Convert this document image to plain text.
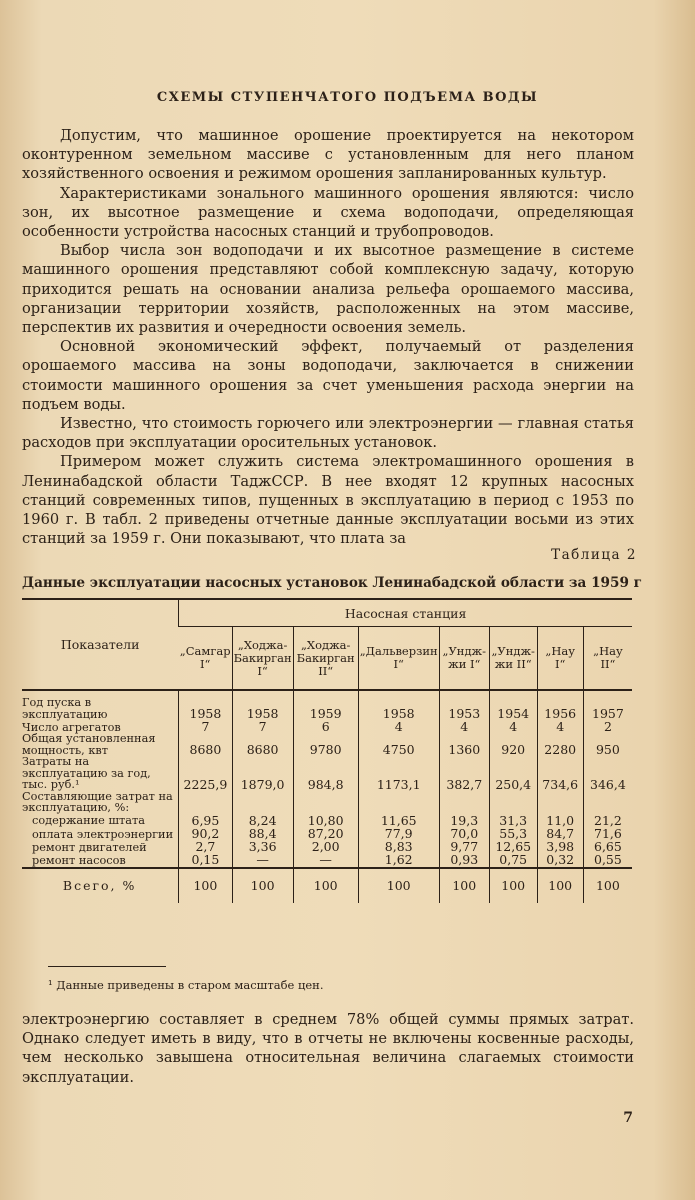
СХЕМЫ СТУПЕНЧАТОГО ПОДЪЕМА ВОДЫ

Допустим, что машинное орошение проектируется на некотором оконтуренном земельном массиве с установленным для него планом хозяйственного освоения и режимом орошения запланированных культур.

Характеристиками зонального машинного орошения являются: число зон, их высотное размещение и схема водоподачи, определяющая особенности устройства насосных станций и трубопроводов.

Выбор числа зон водоподачи и их высотное размещение в системе машинного орошения представляют собой комплексную задачу, которую приходится решать на основании анализа рельефа орошаемого массива, организации территории хозяйств, расположенных на этом массиве, перспектив их развития и очередности освоения земель.

Основной экономический эффект, получаемый от разделения орошаемого массива на зоны водоподачи, заключается в снижении стоимости машинного орошения за счет уменьшения расхода энергии на подъем воды.

Известно, что стоимость горючего или электроэнергии — главная статья расходов при эксплуатации оросительных установок.

Примером может служить система электромашинного орошения в Ленинабадской области ТаджССР. В нее входят 12 крупных насосных станций современных типов, пущенных в эксплуатацию в период с 1953 по 1960 г. В табл. 2 приведены отчетные данные эксплуатации восьми из этих станций за 1959 г. Они показывают, что плата за

Таблица 2
Данные эксплуатации насосных установок Ленинабадской области за 1959 г
Показатели	Насосная станция							
	„Самгар I“	„Ходжа-Бакирган I“	„Ходжа-Бакирган II“	„Дальверзин I“	„Ундж-жи I“	„Ундж-жи II“	„Нау I“	„Нау II“

Год пуска в эксплуатацию	1958	1958	1959	1958	1953	1954	1956	1957
Число агрегатов	7	7	6	4	4	4	4	2
Общая установленная мощность, квт	8680	8680	9780	4750	1360	920	2280	950
Затраты на эксплуатацию за год, тыс. руб.¹	2225,9	1879,0	984,8	1173,1	382,7	250,4	734,6	346,4
Составляющие затрат на эксплуатацию, %:								
содержание штата	6,95	8,24	10,80	11,65	19,3	31,3	11,0	21,2
оплата электроэнергии	90,2	88,4	87,20	77,9	70,0	55,3	84,7	71,6
ремонт двигателей	2,7	3,36	2,00	8,83	9,77	12,65	3,98	6,65
ремонт насосов	0,15	—	—	1,62	0,93	0,75	0,32	0,55
Всего, %	100	100	100	100	100	100	100	100
¹ Данные приведены в старом масштабе цен.

электроэнергию составляет в среднем 78% общей суммы прямых затрат. Однако следует иметь в виду, что в отчеты не включены косвенные расходы, чем несколько завышена относительная величина слагаемых стоимости эксплуатации.

7
